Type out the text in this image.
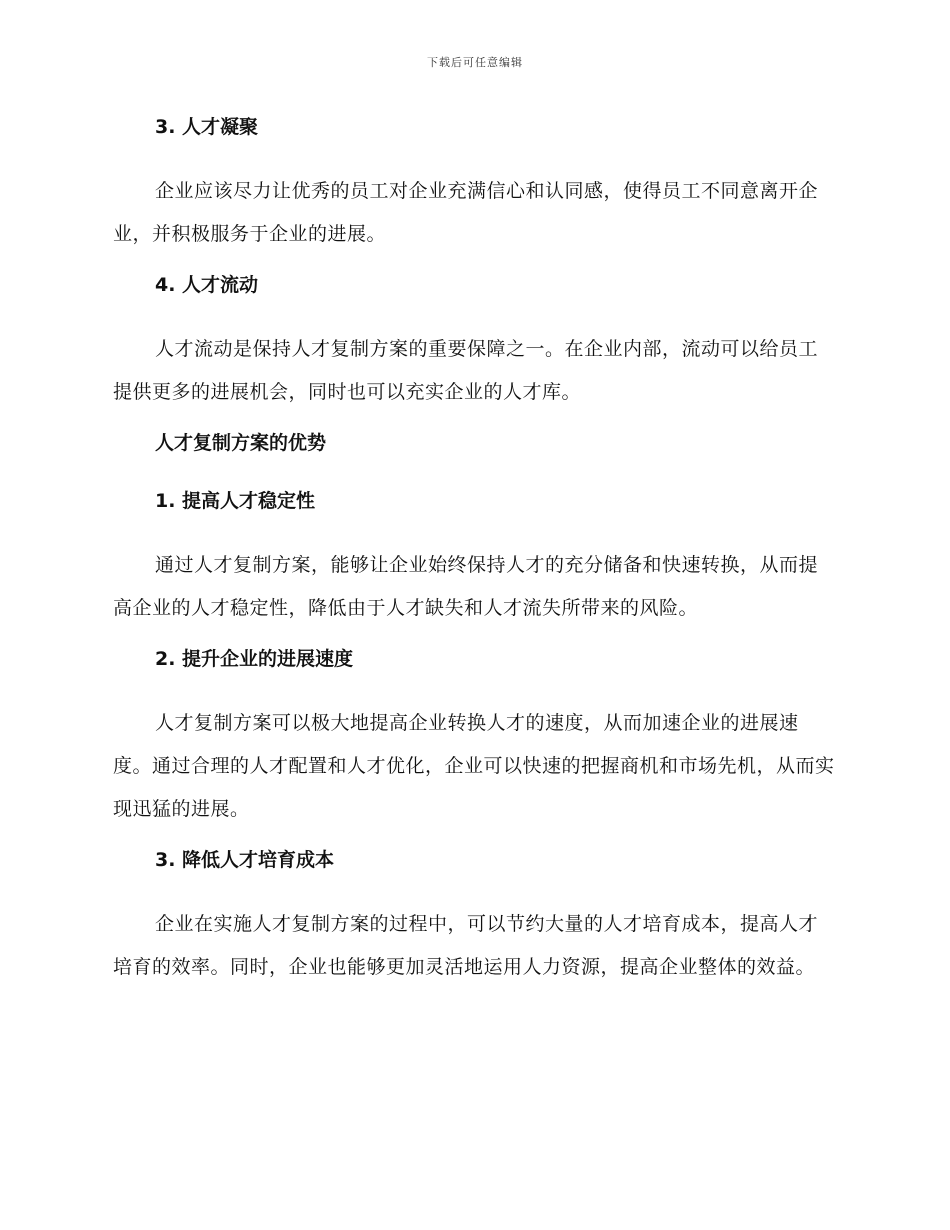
下载后可任意编辑
3. 人才凝聚

企业应该尽力让优秀的员工对企业充满信心和认同感，使得员工不同意离开企业，并积极服务于企业的进展。

4. 人才流动

人才流动是保持人才复制方案的重要保障之一。在企业内部，流动可以给员工提供更多的进展机会，同时也可以充实企业的人才库。

人才复制方案的优势
1. 提高人才稳定性

通过人才复制方案，能够让企业始终保持人才的充分储备和快速转换，从而提高企业的人才稳定性，降低由于人才缺失和人才流失所带来的风险。

2. 提升企业的进展速度

人才复制方案可以极大地提高企业转换人才的速度，从而加速企业的进展速度。通过合理的人才配置和人才优化，企业可以快速的把握商机和市场先机，从而实现迅猛的进展。

3. 降低人才培育成本

企业在实施人才复制方案的过程中，可以节约大量的人才培育成本，提高人才培育的效率。同时，企业也能够更加灵活地运用人力资源，提高企业整体的效益。
